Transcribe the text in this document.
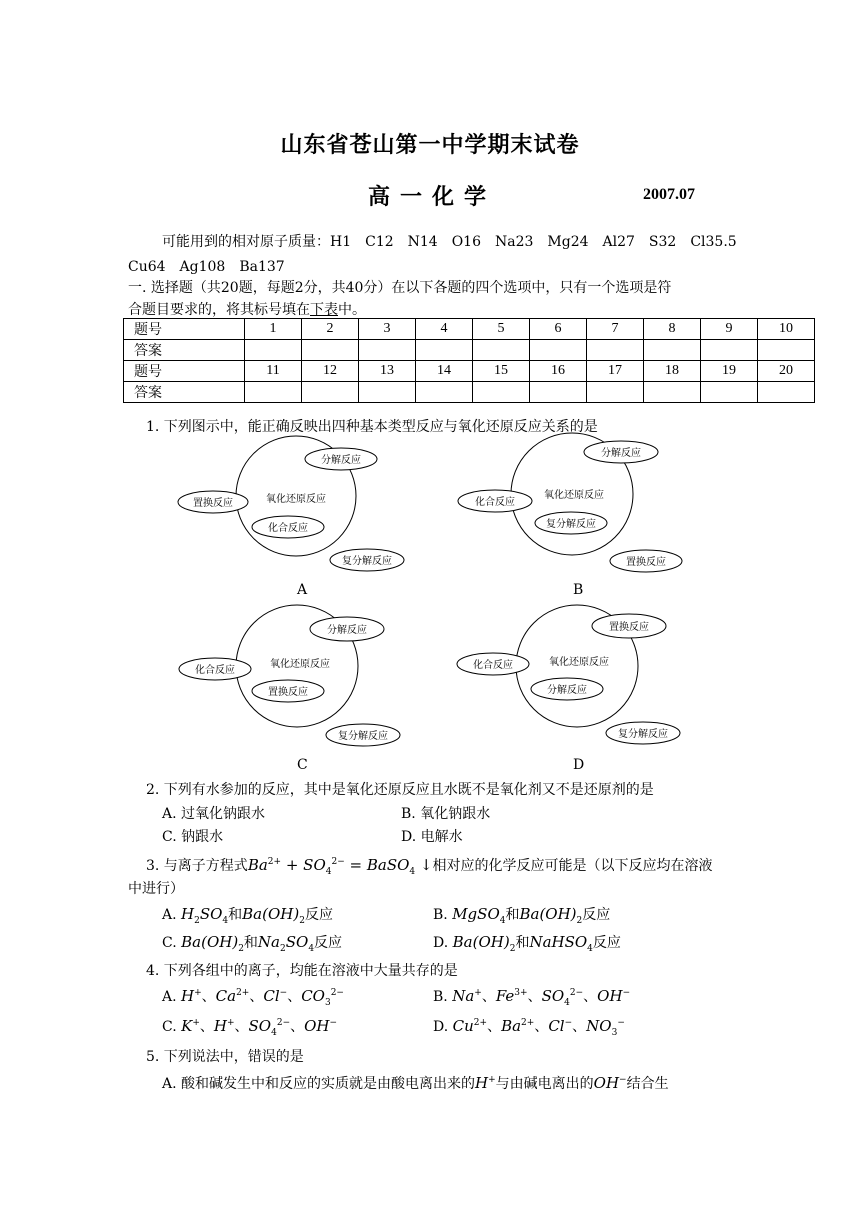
山东省苍山第一中学期末试卷
高一化学	2007.07
可能用到的相对原子质量：H1　C12　N14　O16　Na23　Mg24　Al27　S32　Cl35.5
Cu64　Ag108　Ba137
一. 选择题（共20题，每题2分，共40分）在以下各题的四个选项中，只有一个选项是符
合题目要求的，将其标号填在下表中。
题号	1	2	3	4	5	6	7	8	9	10
答案										
题号	11	12	13	14	15	16	17	18	19	20
答案										
1. 下列图示中，能正确反映出四种基本类型反应与氧化还原反应关系的是
分解反应
置换反应	氧化还原反应
化合反应
复分解反应
A
分解反应
化合反应
氧化还原反应
复分解反应
置换反应
B
分解反应
化合反应
氧化还原反应
置换反应
复分解反应
C
置换反应
化合反应	氧化还原反应
分解反应
复分解反应
D
2. 下列有水参加的反应，其中是氧化还原反应且水既不是氧化剂又不是还原剂的是
A. 过氧化钠跟水	B. 氧化钠跟水
C. 钠跟水	D. 电解水
3. 与离子方程式$Ba^{2+} + SO_4^{2-}$ = BaSO$_4$ ↓相对应的化学反应可能是（以下反应均在溶液
中进行）
A. $H_2SO_4$和$Ba(OH)_2$反应	B. MgSO$_4$和$Ba(OH)_2$反应
C. $Ba(OH)_2$和$Na_2SO_4$反应	D. $Ba(OH)_2$和NaHSO$_4$反应
4. 下列各组中的离子，均能在溶液中大量共存的是
A. H+、$Ca^{2+}$、Cl−、$CO_3^{2-}$	B. Na+、$Fe^{3+}$、$SO_4^{2-}$、OH−
C. K+、H+、$SO_4^{2-}$、OH−	D. $Cu^{2+}$、$Ba^{2+}$、Cl−、$NO_3^-$
5. 下列说法中，错误的是
A. 酸和碱发生中和反应的实质就是由酸电离出来的H+与由碱电离出的OH−结合生
